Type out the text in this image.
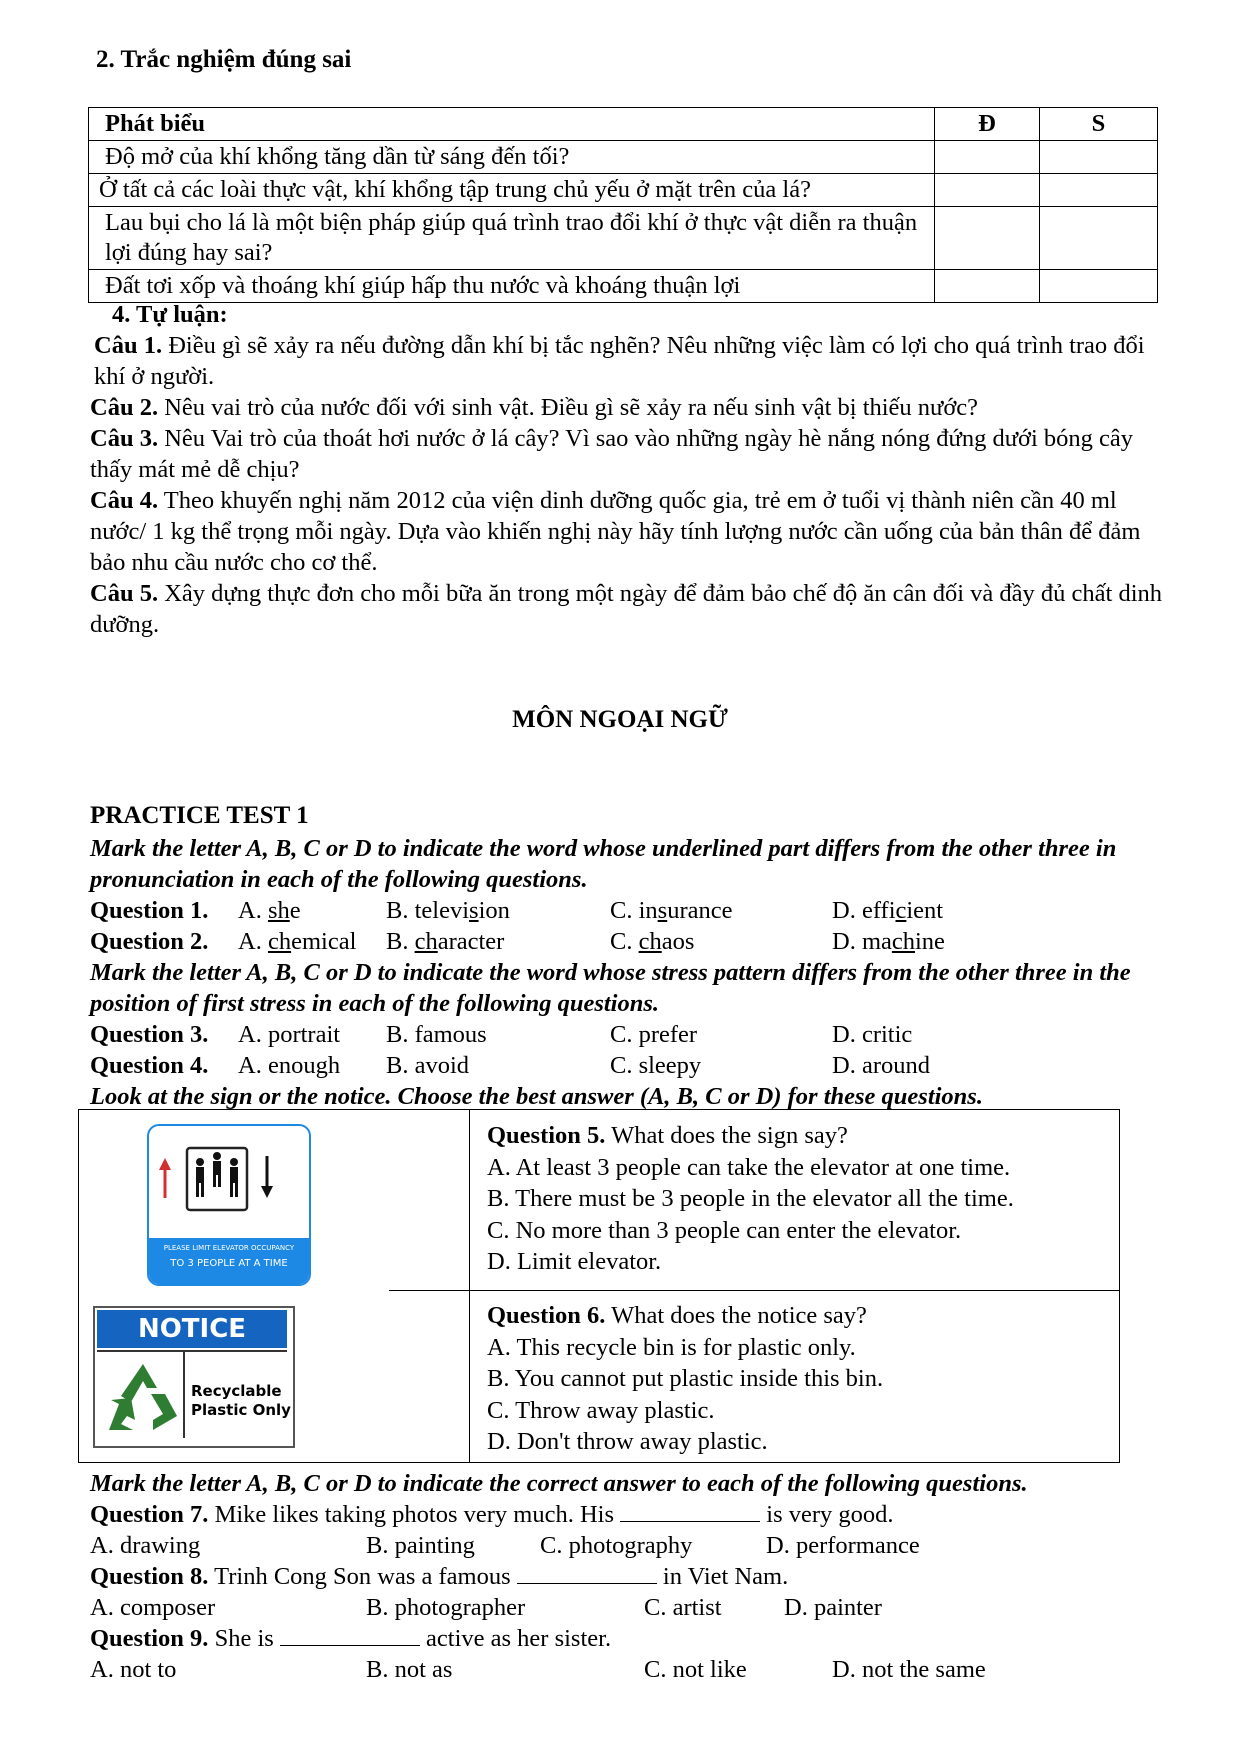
2. Trắc nghiệm đúng sai
Phát biểu	Đ	S
Độ mở của khí khổng tăng dần từ sáng đến tối?		
Ở tất cả các loài thực vật, khí khổng tập trung chủ yếu ở mặt trên của lá?		
Lau bụi cho lá là một biện pháp giúp quá trình trao đổi khí ở thực vật diễn ra thuận lợi đúng hay sai?		
Đất tơi xốp và thoáng khí giúp hấp thu nước và khoáng thuận lợi		
4. Tự luận:
Câu 1. Điều gì sẽ xảy ra nếu đường dẫn khí bị tắc nghẽn? Nêu những việc làm có lợi cho quá trình trao đổi khí ở người.
Câu 2. Nêu vai trò của nước đối với sinh vật. Điều gì sẽ xảy ra nếu sinh vật bị thiếu nước?
Câu 3. Nêu Vai trò của thoát hơi nước ở lá cây? Vì sao vào những ngày hè nắng nóng đứng dưới bóng cây thấy mát mẻ dễ chịu?
Câu 4. Theo khuyến nghị năm 2012 của viện dinh dưỡng quốc gia, trẻ em ở tuổi vị thành niên cần 40 ml nước/ 1 kg thể trọng mỗi ngày. Dựa vào khiến nghị này hãy tính lượng nước cần uống của bản thân để đảm bảo nhu cầu nước cho cơ thể.
Câu 5. Xây dựng thực đơn cho mỗi bữa ăn trong một ngày để đảm bảo chế độ ăn cân đối và đầy đủ chất dinh dưỡng.
MÔN NGOẠI NGỮ
PRACTICE TEST 1
Mark the letter A, B, C or D to indicate the word whose underlined part differs from the other three in pronunciation in each of the following questions.
Question 1. A. she	B. television	C. insurance	D. efficient
Question 2. A. chemical B. character	C. chaos	D. machine
Mark the letter A, B, C or D to indicate the word whose stress pattern differs from the other three in the position of first stress in each of the following questions.
Question 3. A. portrait B. famous	C. prefer	D. critic
Question 4. A. enough B. avoid	C. sleepy	D. around
Look at the sign or the notice. Choose the best answer (A, B, C or D) for these questions.
PLEASE LIMIT ELEVATOR OCCUPANCY
TO 3 PEOPLE AT A TIME
NOTICE
Recyclable
Plastic Only
Question 5. What does the sign say?
A. At least 3 people can take the elevator at one time.
B. There must be 3 people in the elevator all the time.
C. No more than 3 people can enter the elevator.
D. Limit elevator.
Question 6. What does the notice say?
A. This recycle bin is for plastic only.
B. You cannot put plastic inside this bin.
C. Throw away plastic.
D. Don't throw away plastic.
Mark the letter A, B, C or D to indicate the correct answer to each of the following questions.
Question 7. Mike likes taking photos very much. His	is very good.
A. drawing	B. painting	C. photography	D. performance
Question 8. Trinh Cong Son was a famous	in Viet Nam.
A. composer	B. photographer	C. artist	D. painter
Question 9. She is	active as her sister.
A. not to	B. not as	C. not like	D. not the same
